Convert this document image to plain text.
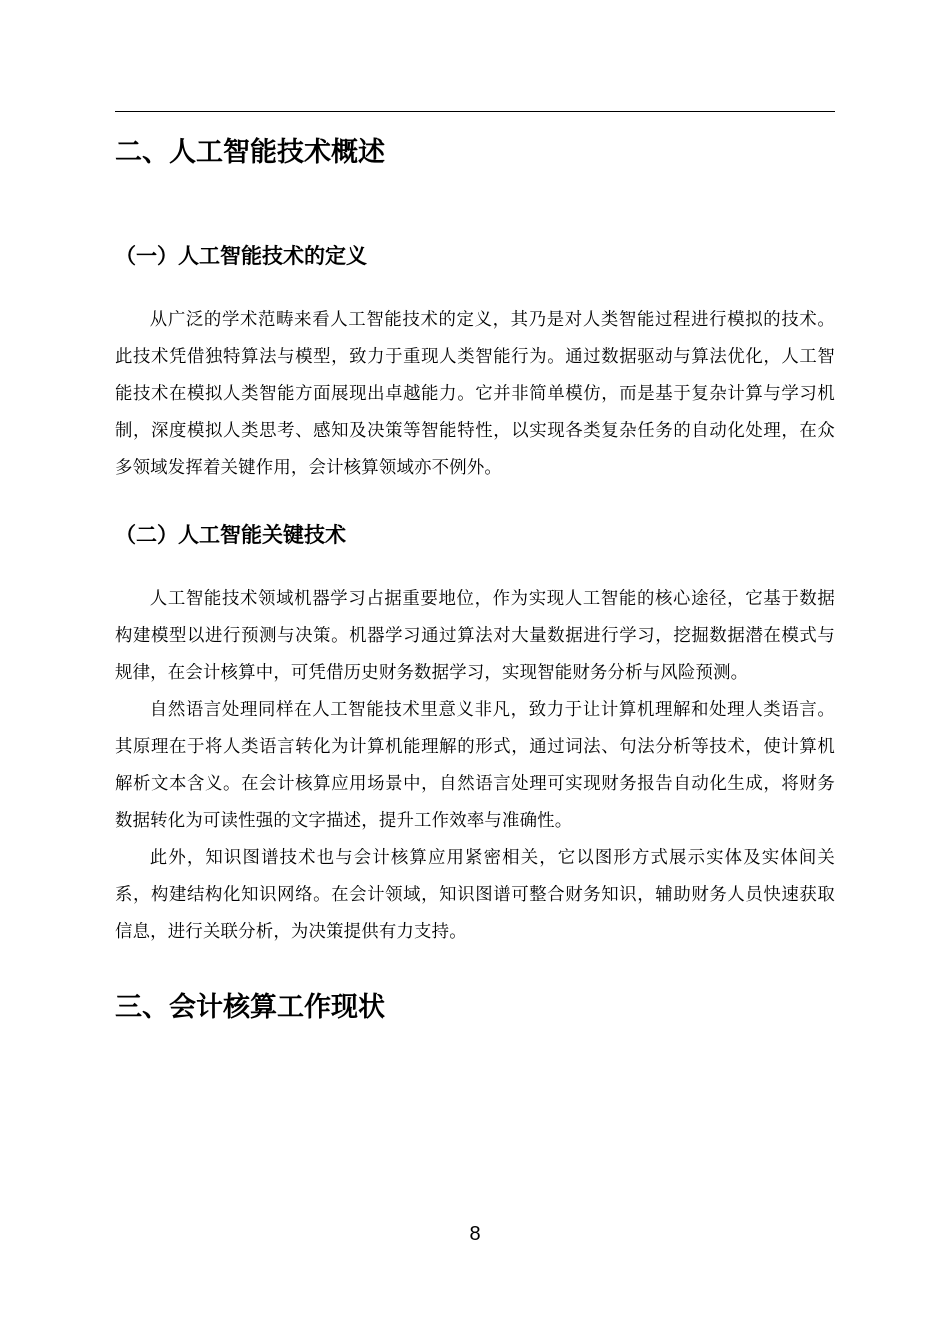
二、人工智能技术概述
（一）人工智能技术的定义

从广泛的学术范畴来看人工智能技术的定义，其乃是对人类智能过程进行模拟的技术。此技术凭借独特算法与模型，致力于重现人类智能行为。通过数据驱动与算法优化，人工智能技术在模拟人类智能方面展现出卓越能力。它并非简单模仿，而是基于复杂计算与学习机制，深度模拟人类思考、感知及决策等智能特性，以实现各类复杂任务的自动化处理，在众多领域发挥着关键作用，会计核算领域亦不例外。

（二）人工智能关键技术

人工智能技术领域机器学习占据重要地位，作为实现人工智能的核心途径，它基于数据构建模型以进行预测与决策。机器学习通过算法对大量数据进行学习，挖掘数据潜在模式与规律，在会计核算中，可凭借历史财务数据学习，实现智能财务分析与风险预测。

自然语言处理同样在人工智能技术里意义非凡，致力于让计算机理解和处理人类语言。其原理在于将人类语言转化为计算机能理解的形式，通过词法、句法分析等技术，使计算机解析文本含义。在会计核算应用场景中，自然语言处理可实现财务报告自动化生成，将财务数据转化为可读性强的文字描述，提升工作效率与准确性。

此外，知识图谱技术也与会计核算应用紧密相关，它以图形方式展示实体及实体间关系，构建结构化知识网络。在会计领域，知识图谱可整合财务知识，辅助财务人员快速获取信息，进行关联分析，为决策提供有力支持。

三、会计核算工作现状
8
